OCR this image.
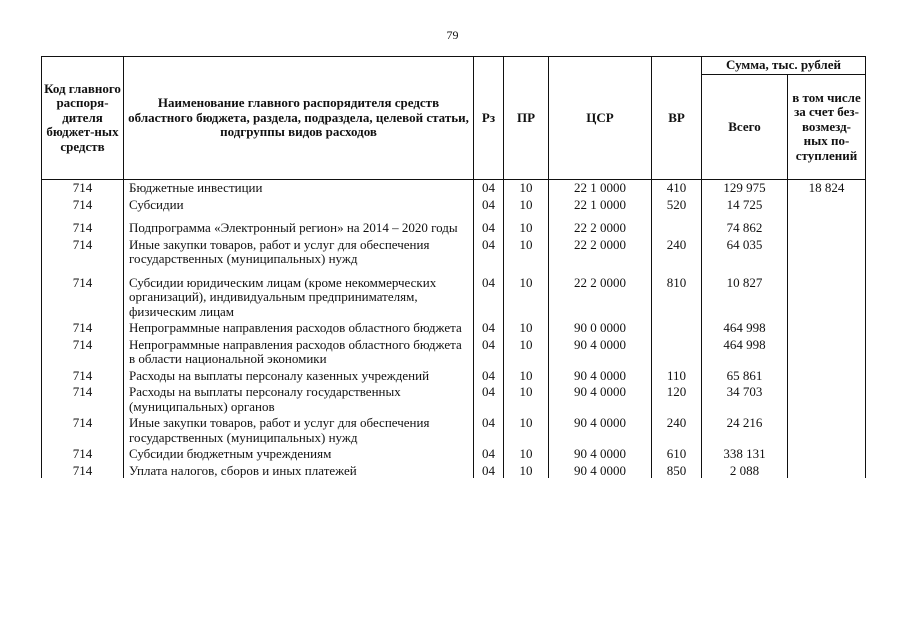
79
Код главного распоря-дителя бюджет-ных средств	Наименование главного распорядителя средств областного бюджета, раздела, подраздела, целевой статьи, подгруппы видов расходов	Рз	ПР	ЦСР	ВР	Сумма, тыс. рублей	
						Всего	в том числе за счет без-возмезд-ных по-ступлений
714	Бюджетные инвестиции	04	10	22 1 0000	410	129 975	18 824
714	Субсидии	04	10	22 1 0000	520	14 725	
714	Подпрограмма «Электронный регион» на 2014 – 2020 годы	04	10	22 2 0000		74 862	
714	Иные закупки товаров, работ и услуг для обеспечения государственных (муниципальных) нужд	04	10	22 2 0000	240	64 035	
714	Субсидии юридическим лицам (кроме некоммерческих организаций), индивидуальным предпринимателям, физическим лицам	04	10	22 2 0000	810	10 827	
714	Непрограммные направления расходов областного бюджета	04	10	90 0 0000		464 998	
714	Непрограммные направления расходов областного бюджета в области национальной экономики	04	10	90 4 0000		464 998	
714	Расходы на выплаты персоналу казенных учреждений	04	10	90 4 0000	110	65 861	
714	Расходы на выплаты персоналу государственных (муниципальных) органов	04	10	90 4 0000	120	34 703	
714	Иные закупки товаров, работ и услуг для обеспечения государственных (муниципальных) нужд	04	10	90 4 0000	240	24 216	
714	Субсидии бюджетным учреждениям	04	10	90 4 0000	610	338 131	
714	Уплата налогов, сборов и иных платежей	04	10	90 4 0000	850	2 088	
